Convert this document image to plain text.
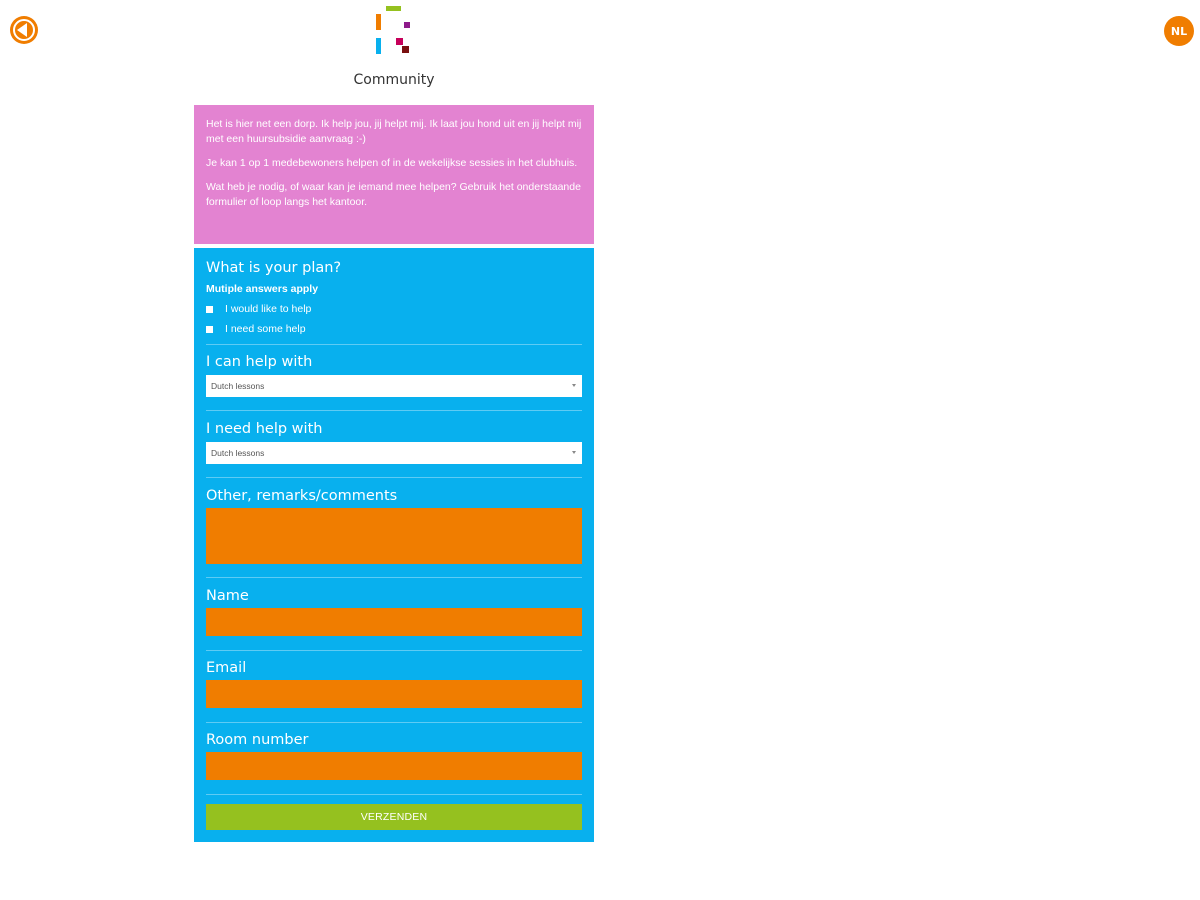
NL
Community

Het is hier net een dorp. Ik help jou, jij helpt mij. Ik laat jou hond uit en jij helpt mij met een huursubsidie aanvraag :-)

Je kan 1 op 1 medebewoners helpen of in de wekelijkse sessies in het clubhuis.

Wat heb je nodig, of waar kan je iemand mee helpen? Gebruik het onderstaande formulier of loop langs het kantoor.

What is your plan?
Mutiple answers apply
I would like to help
I need some help
I can help with
Dutch lessons
I need help with
Dutch lessons
Other, remarks/comments
Name
Email
Room number
VERZENDEN
